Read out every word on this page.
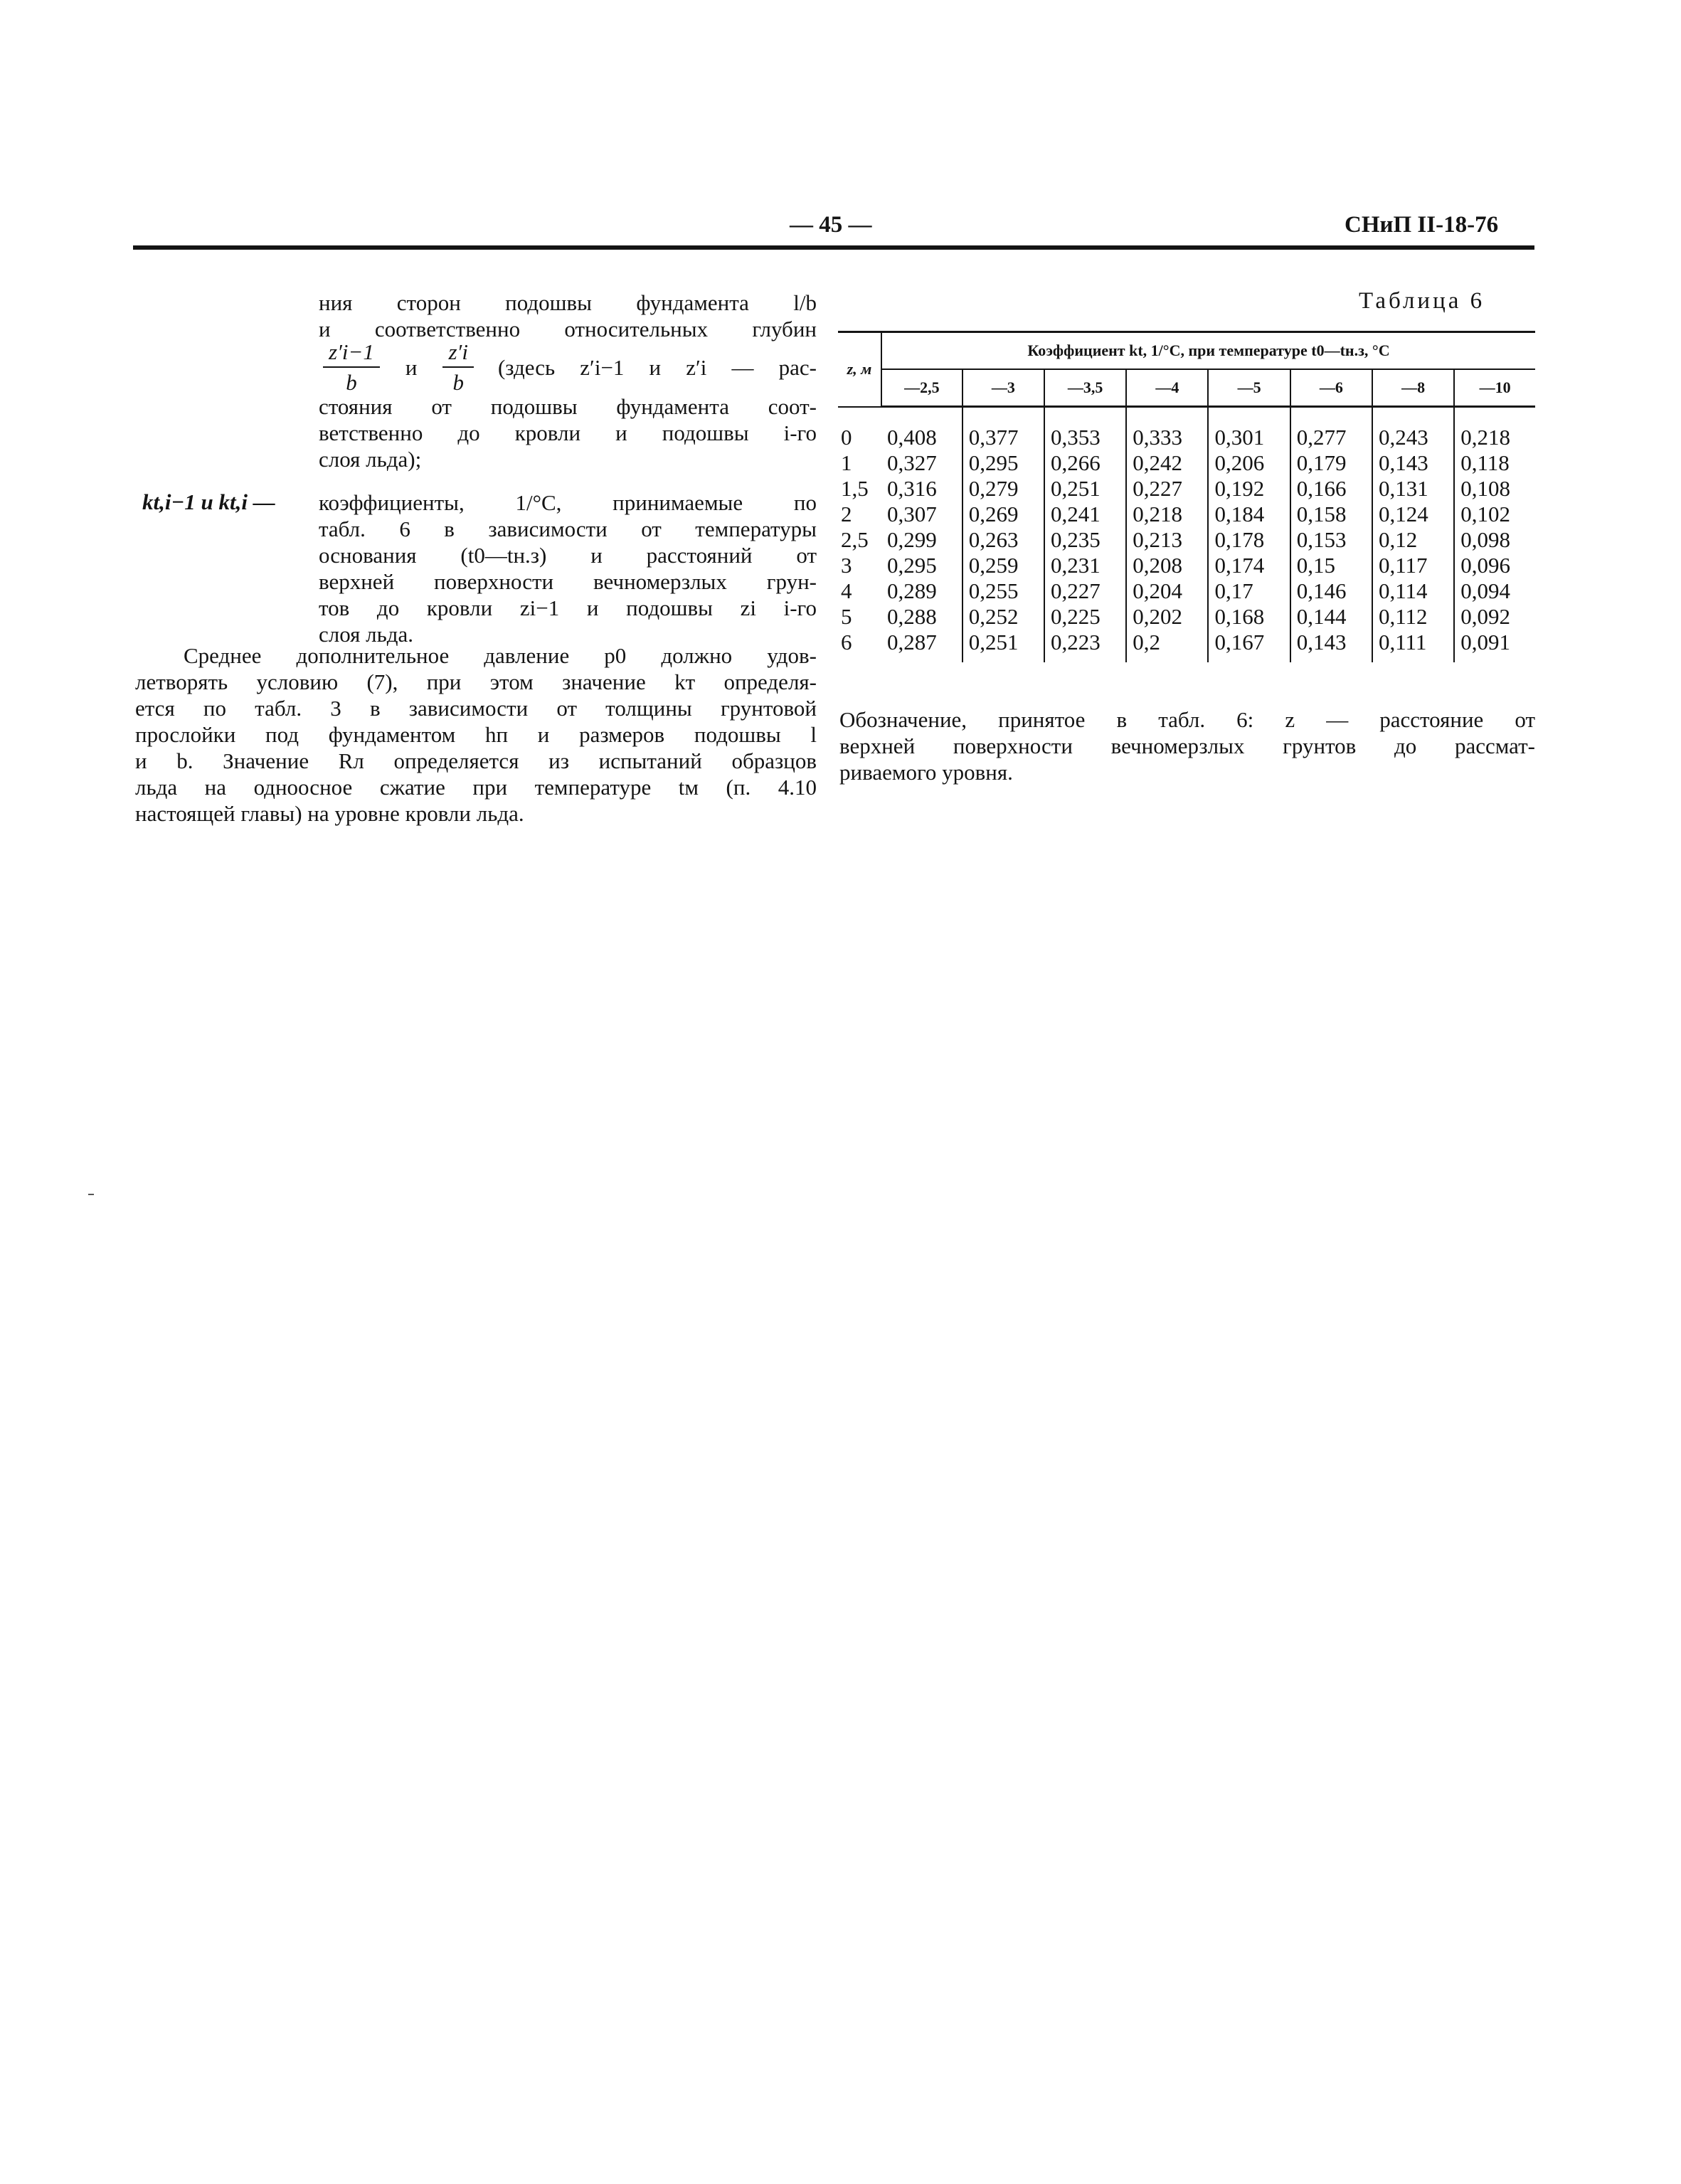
— 45 —	СНиП II-18-76
ния сторон подошвы фундамента l/b
и соответственно относительных глубин
$\frac{z'i-1}{b}$ и $\frac{z'i}{b}$ (здесь z′i−1 и z′i — рас-
стояния от подошвы фундамента соот-
ветственно до кровли и подошвы i-го
слоя льда);
kt,i−1 и kt,i — коэффициенты, 1/°С, принимаемые по
табл. 6 в зависимости от температуры
основания (t0—tн.з) и расстояний от
верхней поверхности вечномерзлых грун-
тов до кровли zi−1 и подошвы zi i-го
слоя льда.
Среднее дополнительное давление p0 должно удов-
летворять условию (7), при этом значение kт определя-
ется по табл. 3 в зависимости от толщины грунтовой
прослойки под фундаментом hп и размеров подошвы l
и b. Значение Rл определяется из испытаний образцов
льда на одноосное сжатие при температуре tм (п. 4.10
настоящей главы) на уровне кровли льда.
Таблица 6
z, м	Коэффициент kt, 1/°С, при температуре t0—tн.з, °С							
	—2,5	—3	—3,5	—4	—5	—6	—8	—10

0	0,408	0,377	0,353	0,333	0,301	0,277	0,243	0,218
1	0,327	0,295	0,266	0,242	0,206	0,179	0,143	0,118
1,5	0,316	0,279	0,251	0,227	0,192	0,166	0,131	0,108
2	0,307	0,269	0,241	0,218	0,184	0,158	0,124	0,102
2,5	0,299	0,263	0,235	0,213	0,178	0,153	0,12	0,098
3	0,295	0,259	0,231	0,208	0,174	0,15	0,117	0,096
4	0,289	0,255	0,227	0,204	0,17	0,146	0,114	0,094
5	0,288	0,252	0,225	0,202	0,168	0,144	0,112	0,092
6	0,287	0,251	0,223	0,2	0,167	0,143	0,111	0,091

Обозначение, принятое в табл. 6: z — расстояние от
верхней поверхности вечномерзлых грунтов до рассмат-
риваемого уровня.
